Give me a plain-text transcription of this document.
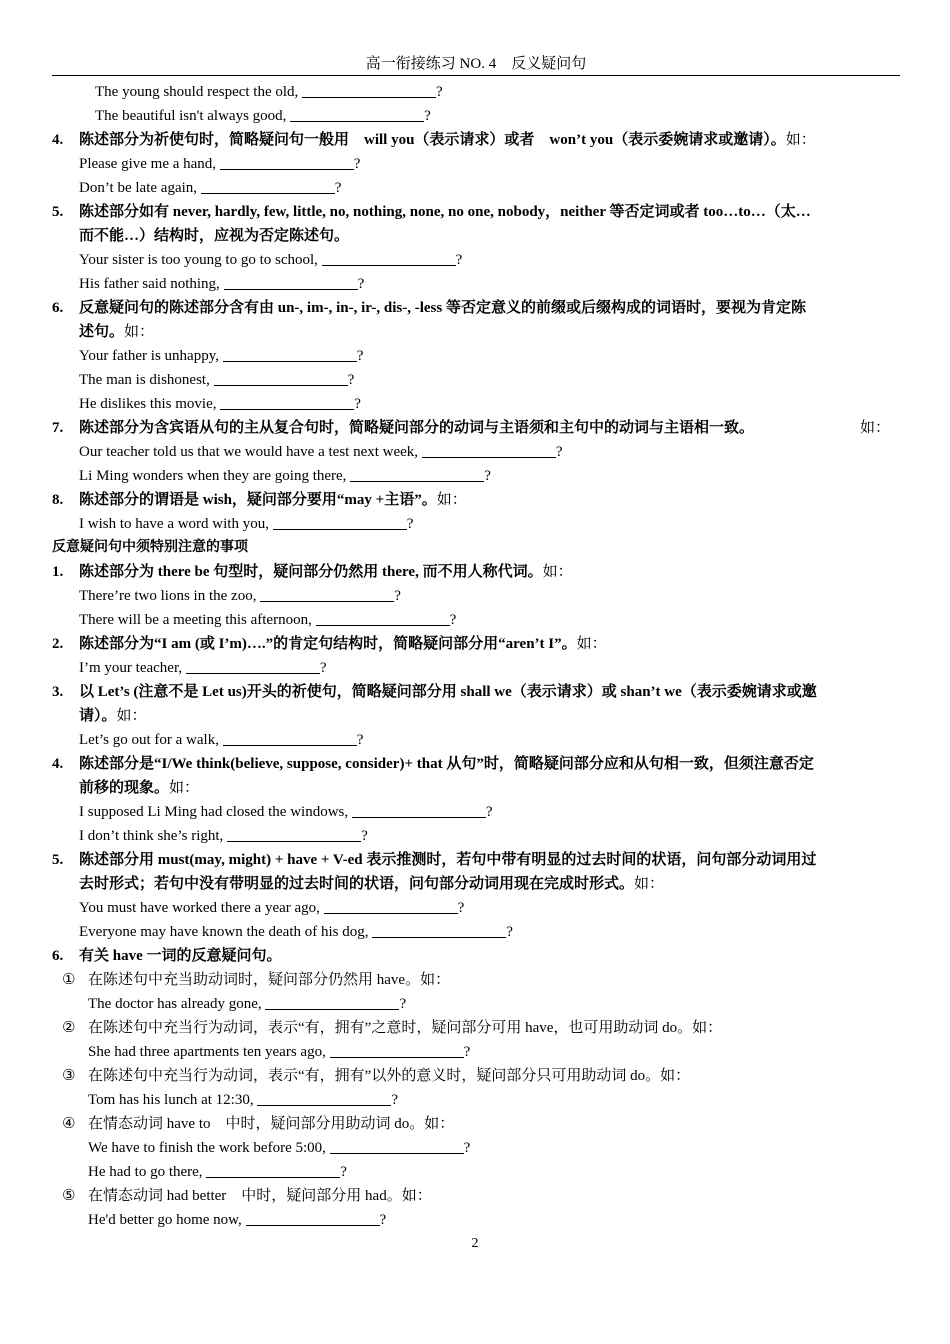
高一衔接练习 NO. 4　反义疑问句
The young should respect the old,	?
The beautiful isn't always good,	?
4. 陈述部分为祈使句时，简略疑问句一般用　will you（表示请求）或者　won’t you（表示委婉请求或邀请）。如：
Please give me a hand,	?
Don’t be late again,	?
5. 陈述部分如有 never, hardly, few, little, no, nothing, none, no one, nobody，neither 等否定词或者 too…to…（太…
而不能…）结构时，应视为否定陈述句。
Your sister is too young to go to school,	?
His father said nothing,	?
6. 反意疑问句的陈述部分含有由 un-, im-, in-, ir-, dis-, -less 等否定意义的前缀或后缀构成的词语时，要视为肯定陈
述句。如：
Your father is unhappy,	?
The man is dishonest,	?
He dislikes this movie,	?
7. 陈述部分为含宾语从句的主从复合句时，简略疑问部分的动词与主语须和主句中的动词与主语相一致。	如：
Our teacher told us that we would have a test next week,	?
Li Ming wonders when they are going there,	?
8. 陈述部分的谓语是 wish，疑问部分要用“may +主语”。如：
I wish to have a word with you,	?
反意疑问句中须特别注意的事项
1. 陈述部分为 there be 句型时，疑问部分仍然用 there, 而不用人称代词。如：
There’re two lions in the zoo,	?
There will be a meeting this afternoon,	?
2. 陈述部分为“I am (或 I’m)….”的肯定句结构时，简略疑问部分用“aren’t I”。如：
I’m your teacher,	?
3. 以 Let’s (注意不是 Let us)开头的祈使句，简略疑问部分用 shall we（表示请求）或 shan’t we（表示委婉请求或邀
请）。如：
Let’s go out for a walk,	?
4. 陈述部分是“I/We think(believe, suppose, consider)+ that 从句”时，简略疑问部分应和从句相一致，但须注意否定
前移的现象。如：
I supposed Li Ming had closed the windows,	?
I don’t think she’s right,	?
5. 陈述部分用 must(may, might) + have + V-ed 表示推测时，若句中带有明显的过去时间的状语，问句部分动词用过
去时形式；若句中没有带明显的过去时间的状语，问句部分动词用现在完成时形式。如：
You must have worked there a year ago,	?
Everyone may have known the death of his dog,	?
6. 有关 have 一词的反意疑问句。
① 在陈述句中充当助动词时，疑问部分仍然用 have。如：
The doctor has already gone,	?
② 在陈述句中充当行为动词，表示“有，拥有”之意时，疑问部分可用 have，也可用助动词 do。如：
She had three apartments ten years ago,	?
③ 在陈述句中充当行为动词，表示“有，拥有”以外的意义时，疑问部分只可用助动词 do。如：
Tom has his lunch at 12:30,	?
④ 在情态动词 have to　中时，疑问部分用助动词 do。如：
We have to finish the work before 5:00,	?
He had to go there,	?
⑤ 在情态动词 had better　中时，疑问部分用 had。如：
He'd better go home now,	?
2
